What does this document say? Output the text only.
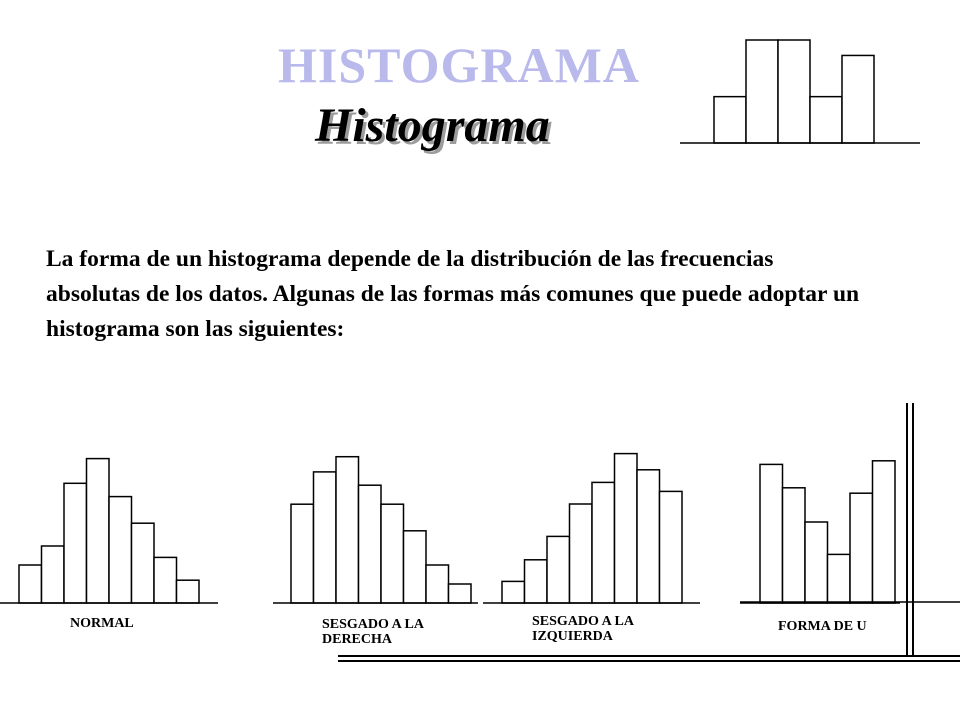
HISTOGRAMA
Histograma

La forma de un histograma depende de la distribución de las frecuencias absolutas de los datos. Algunas de las formas más comunes que puede adoptar un histograma son las siguientes:

NORMAL	SESGADO A LA
DERECHA
SESGADO A LA
IZQUIERDA
FORMA DE U
